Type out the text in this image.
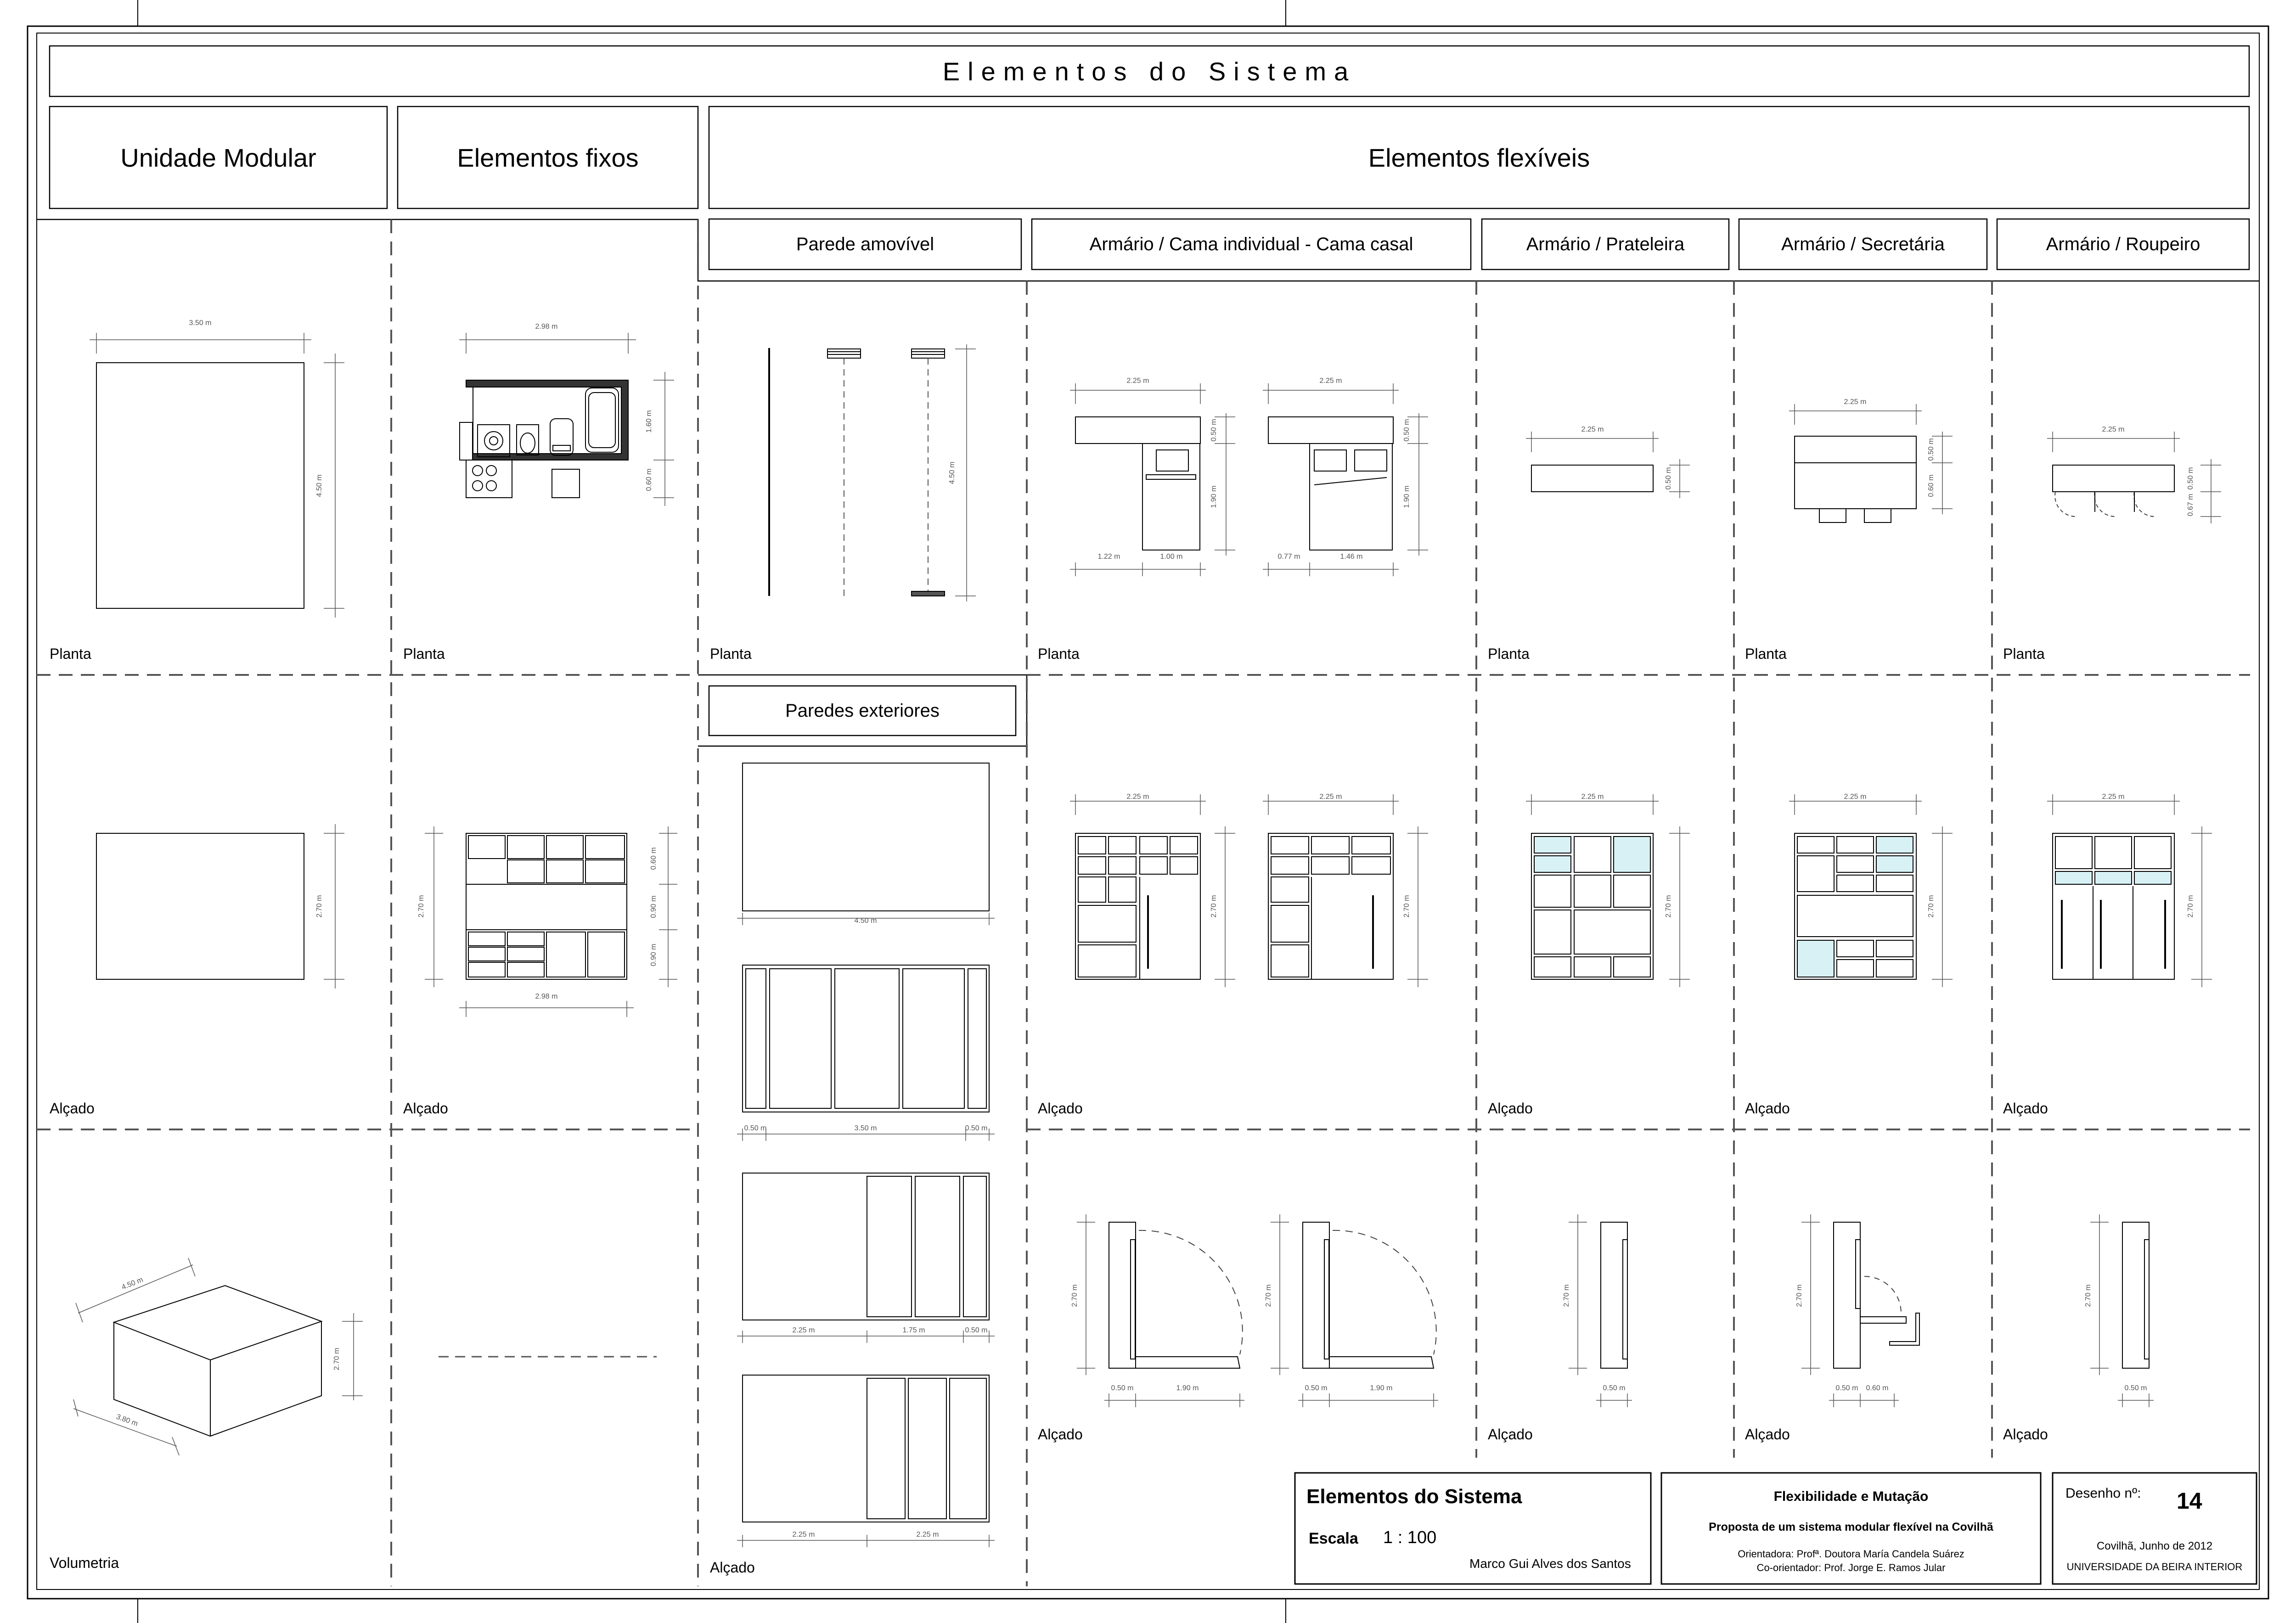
3.50 m
4.50 m
2.70 m
4.50 m
3.80 m
2.70 m
2.98 m
1.60 m
0.60 m
2.98 m
2.70 m
0.60 m
0.90 m
0.90 m
4.50 m
4.50 m
0.50 m	3.50 m	0.50 m
2.25 m	1.75 m	0.50 m
2.25 m	2.25 m
2.25 m
0.50 m
1.90 m
1.22 m	1.00 m
2.25 m
0.50 m
1.90 m
0.77 m	1.46 m
2.25 m
2.70 m
2.25 m
2.70 m
2.70 m
0.50 m	1.90 m
2.70 m
0.50 m	1.90 m
2.25 m
0.50 m
2.25 m
2.70 m
2.70 m
0.50 m
2.25 m
0.50 m
0.60 m
2.25 m
2.70 m
2.70 m
0.50 m 0.60 m
2.25 m
0.50 m
0.67 m
2.25 m
2.70 m
2.70 m
0.50 m
Elementos do Sistema
Unidade Modular	Elementos fixos	Elementos flexíveis
Parede amovível	Armário / Cama individual - Cama casal	Armário / Prateleira	Armário / Secretária	Armário / Roupeiro
Paredes exteriores
Planta	Planta	Planta	Planta	Planta	Planta	Planta
Alçado	Alçado	Alçado	Alçado	Alçado	Alçado
Alçado	Alçado	Alçado	Alçado
Volumetria	Alçado
Elementos do Sistema
Escala 1 : 100
Marco Gui Alves dos Santos
Flexibilidade e Mutação
Proposta de um sistema modular flexível na Covilhã
Orientadora: Profª. Doutora María Candela Suárez
Co-orientador: Prof. Jorge E. Ramos Jular
Desenho nº: 14
Covilhã, Junho de 2012
UNIVERSIDADE DA BEIRA INTERIOR
